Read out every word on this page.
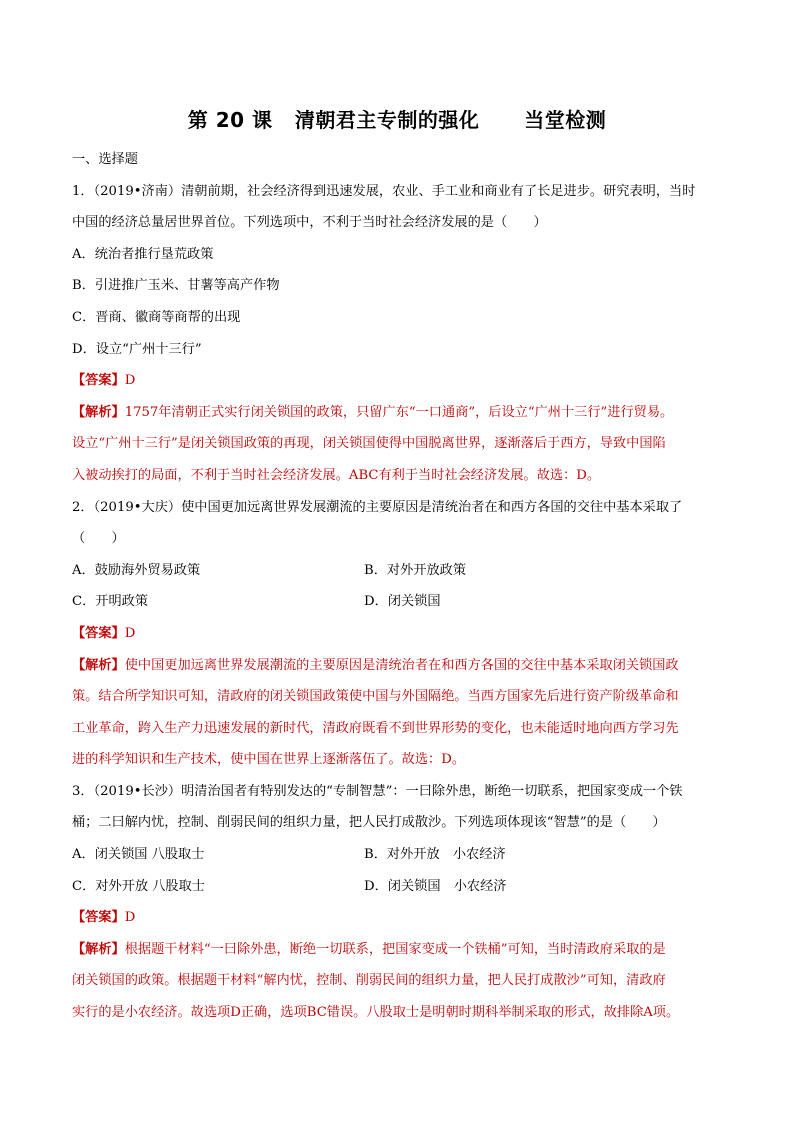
第 20 课   清朝君主专制的强化      当堂检测
一、选择题
1．（2019•济南）清朝前期，社会经济得到迅速发展，农业、手工业和商业有了长足进步。研究表明，当时
中国的经济总量居世界首位。下列选项中，不利于当时社会经济发展的是（　　）
A．统治者推行垦荒政策
B．引进推广玉米、甘薯等高产作物
C．晋商、徽商等商帮的出现
D．设立“广州十三行”
【答案】D
【解析】1757年清朝正式实行闭关锁国的政策，只留广东“一口通商”，后设立“广州十三行”进行贸易。
设立“广州十三行”是闭关锁国政策的再现，闭关锁国使得中国脱离世界，逐渐落后于西方，导致中国陷
入被动挨打的局面，不利于当时社会经济发展。ABC有利于当时社会经济发展。故选：D。
2．（2019•大庆）使中国更加远离世界发展潮流的主要原因是清统治者在和西方各国的交往中基本采取了
（　　）
A．鼓励海外贸易政策	B．对外开放政策
C．开明政策	D．闭关锁国
【答案】D
【解析】使中国更加远离世界发展潮流的主要原因是清统治者在和西方各国的交往中基本采取闭关锁国政
策。结合所学知识可知，清政府的闭关锁国政策使中国与外国隔绝。当西方国家先后进行资产阶级革命和
工业革命，跨入生产力迅速发展的新时代，清政府既看不到世界形势的变化，也未能适时地向西方学习先
进的科学知识和生产技术，使中国在世界上逐渐落伍了。故选：D。
3．（2019•长沙）明清治国者有特别发达的“专制智慧”：一曰除外患，断绝一切联系，把国家变成一个铁
桶；二曰解内忧，控制、削弱民间的组织力量，把人民打成散沙。下列选项体现该“智慧”的是（　　）
A．闭关锁国 八股取士	B．对外开放　小农经济
C．对外开放 八股取士	D．闭关锁国　小农经济
【答案】D
【解析】根据题干材料“一曰除外患，断绝一切联系，把国家变成一个铁桶”可知，当时清政府采取的是
闭关锁国的政策。根据题干材料“解内忧，控制、削弱民间的组织力量，把人民打成散沙”可知，清政府
实行的是小农经济。故选项D正确，选项BC错误。八股取士是明朝时期科举制采取的形式，故排除A项。
